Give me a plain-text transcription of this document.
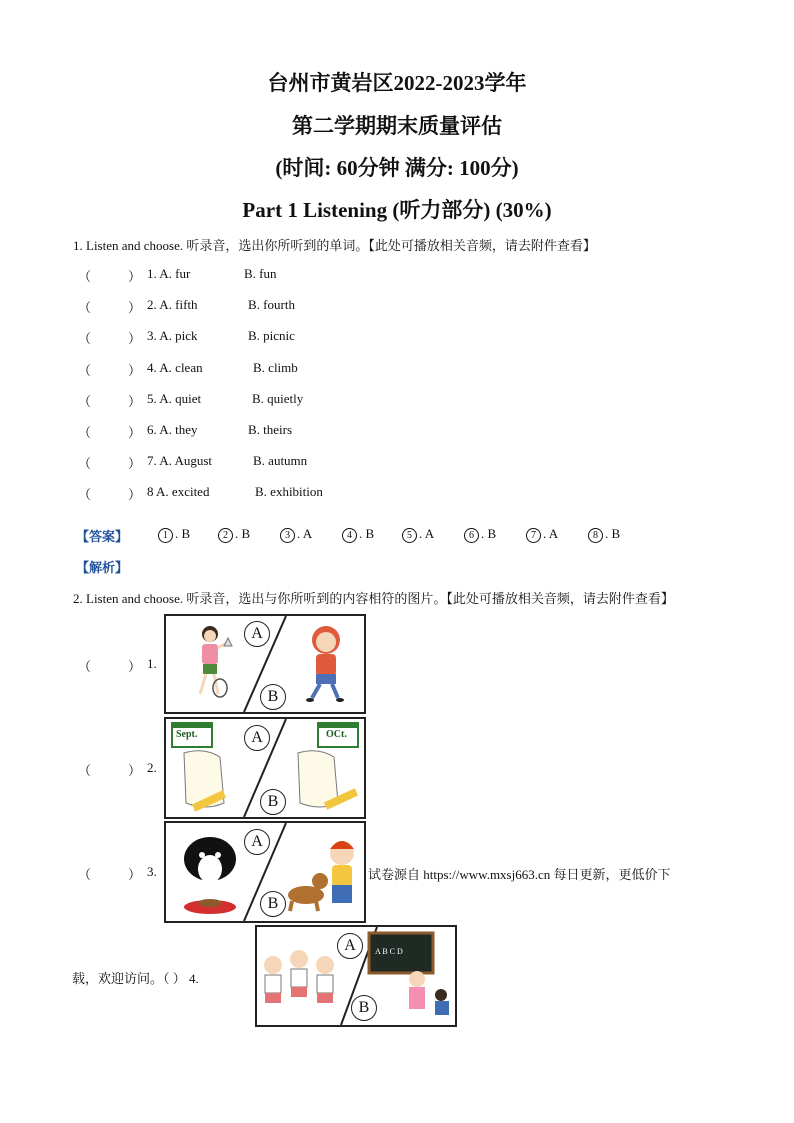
台州市黄岩区2022-2023学年
第二学期期末质量评估
(时间: 60分钟 满分: 100分)
Part 1 Listening (听力部分) (30%)
1. Listen and choose. 听录音，选出你所听到的单词。【此处可播放相关音频，请去附件查看】
（	） 1. A. fur	B. fun
（	） 2. A. fifth	B. fourth
（	） 3. A. pick	B. picnic
（	） 4. A. clean	B. climb
（	） 5. A. quiet	B. quietly
（	） 6. A. they	B. theirs
（	） 7. A. August	B. autumn
（	） 8 A. excited	B. exhibition
【答案】	1 . B	2 . B	3 . A	4 . B	5 . A	6 . B	7 . A	8 . B
【解析】
2. Listen and choose. 听录音，选出与你所听到的内容相符的图片。【此处可播放相关音频，请去附件查看】
（	） 1.
A
B
（	） 2.
Sept.	OCt.
A
B
（	） 3.
A
B
试卷源自 https://www.mxsj663.cn 每日更新，更低价下
载，欢迎访问。（ ） 4.
A B C D
A
B
